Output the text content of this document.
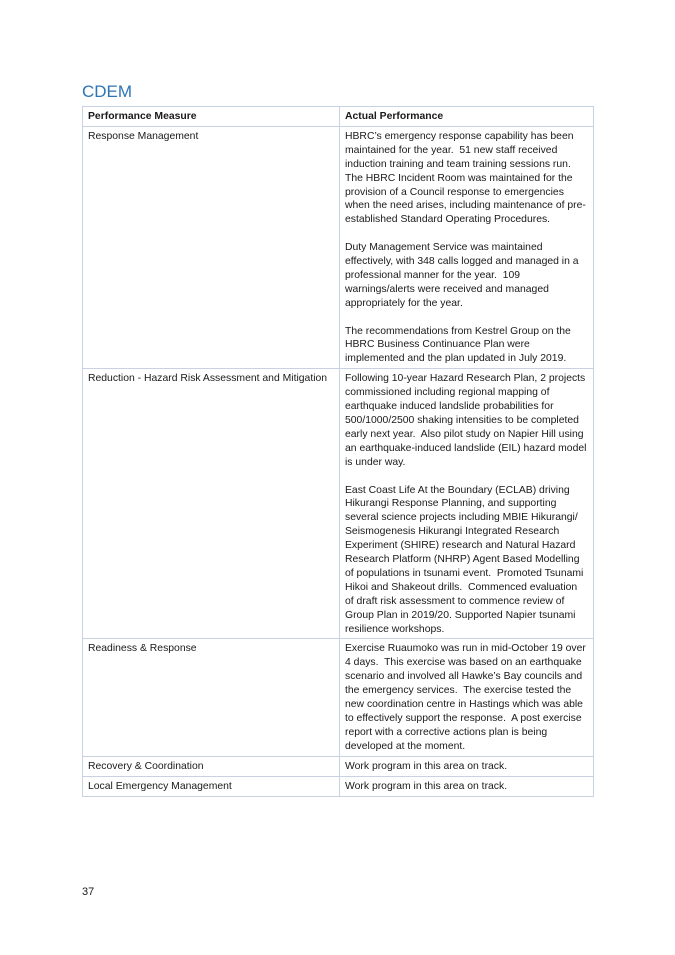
CDEM
Performance Measure	Actual Performance
Response Management	HBRC’s emergency response capability has been maintained for the year.  51 new staff received induction training and team training sessions run. The HBRC Incident Room was maintained for the provision of a Council response to emergencies when the need arises, including maintenance of pre-established Standard Operating Procedures.
Duty Management Service was maintained effectively, with 348 calls logged and managed in a professional manner for the year.  109 warnings/alerts were received and managed appropriately for the year.
The recommendations from Kestrel Group on the HBRC Business Continuance Plan were implemented and the plan updated in July 2019.

Reduction - Hazard Risk Assessment and Mitigation	Following 10-year Hazard Research Plan, 2 projects commissioned including regional mapping of earthquake induced landslide probabilities for 500/1000/2500 shaking intensities to be completed early next year.  Also pilot study on Napier Hill using an earthquake-induced landslide (EIL) hazard model is under way.
East Coast Life At the Boundary (ECLAB) driving Hikurangi Response Planning, and supporting several science projects including MBIE Hikurangi/ Seismogenesis Hikurangi Integrated Research Experiment (SHIRE) research and Natural Hazard Research Platform (NHRP) Agent Based Modelling of populations in tsunami event.  Promoted Tsunami Hikoi and Shakeout drills.  Commenced evaluation of draft risk assessment to commence review of Group Plan in 2019/20. Supported Napier tsunami resilience workshops.

Readiness & Response	Exercise Ruaumoko was run in mid-October 19 over 4 days.  This exercise was based on an earthquake scenario and involved all Hawke’s Bay councils and the emergency services.  The exercise tested the new coordination centre in Hastings which was able to effectively support the response.  A post exercise report with a corrective actions plan is being developed at the moment.

Recovery & Coordination	Work program in this area on track.

Local Emergency Management	Work program in this area on track.
37
